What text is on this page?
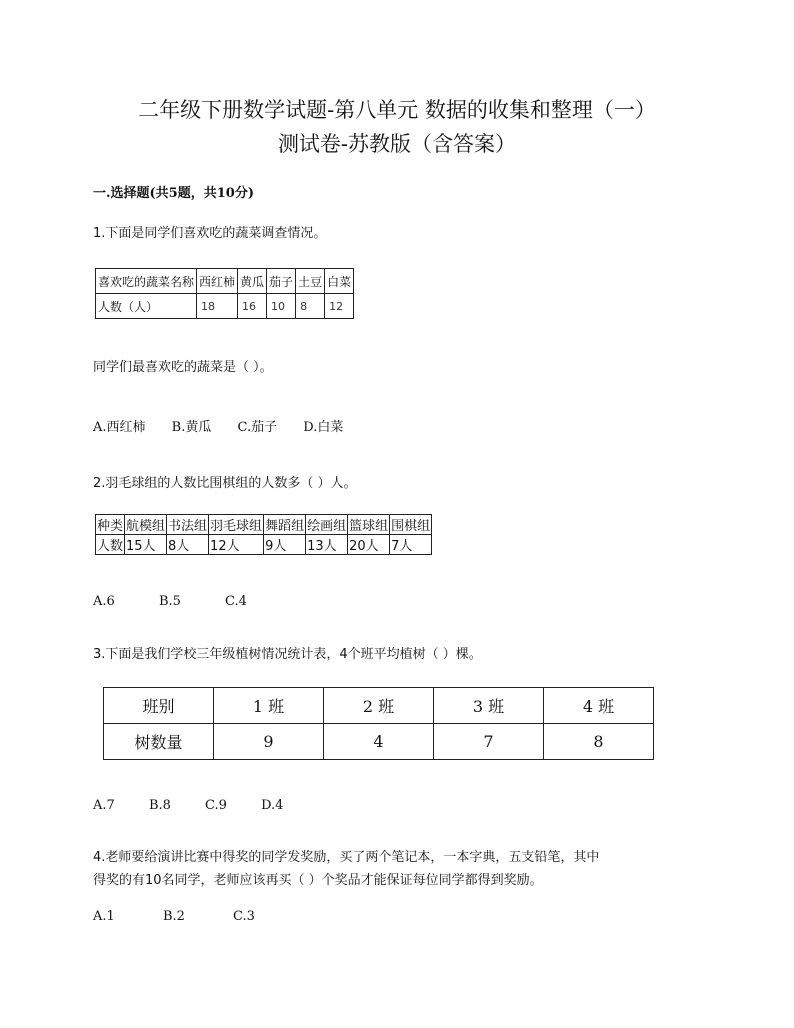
二年级下册数学试题-第八单元 数据的收集和整理（一）
测试卷-苏教版（含答案）
一.选择题(共5题，共10分)
1.下面是同学们喜欢吃的蔬菜调查情况。
喜欢吃的蔬菜名称	西红柿	黄瓜	茄子	土豆	白菜
人数（人）	18	16	10	8	12
同学们最喜欢吃的蔬菜是（ ）。
A.西红柿 B.黄瓜 C.茄子 D.白菜
2.羽毛球组的人数比围棋组的人数多（ ）人。
种类	航模组	书法组	羽毛球组	舞蹈组	绘画组	篮球组	围棋组
人数	15人	8人	12人	9人	13人	20人	7人
A.6	B.5	C.4
3.下面是我们学校三年级植树情况统计表，4个班平均植树（ ）棵。
班别	1 班	2 班	3 班	4 班
树数量	9	4	7	8
A.7	B.8	C.9	D.4
4.老师要给演讲比赛中得奖的同学发奖励，买了两个笔记本，一本字典，五支铅笔，其中
得奖的有10名同学，老师应该再买（ ）个奖品才能保证每位同学都得到奖励。
A.1	B.2	C.3
